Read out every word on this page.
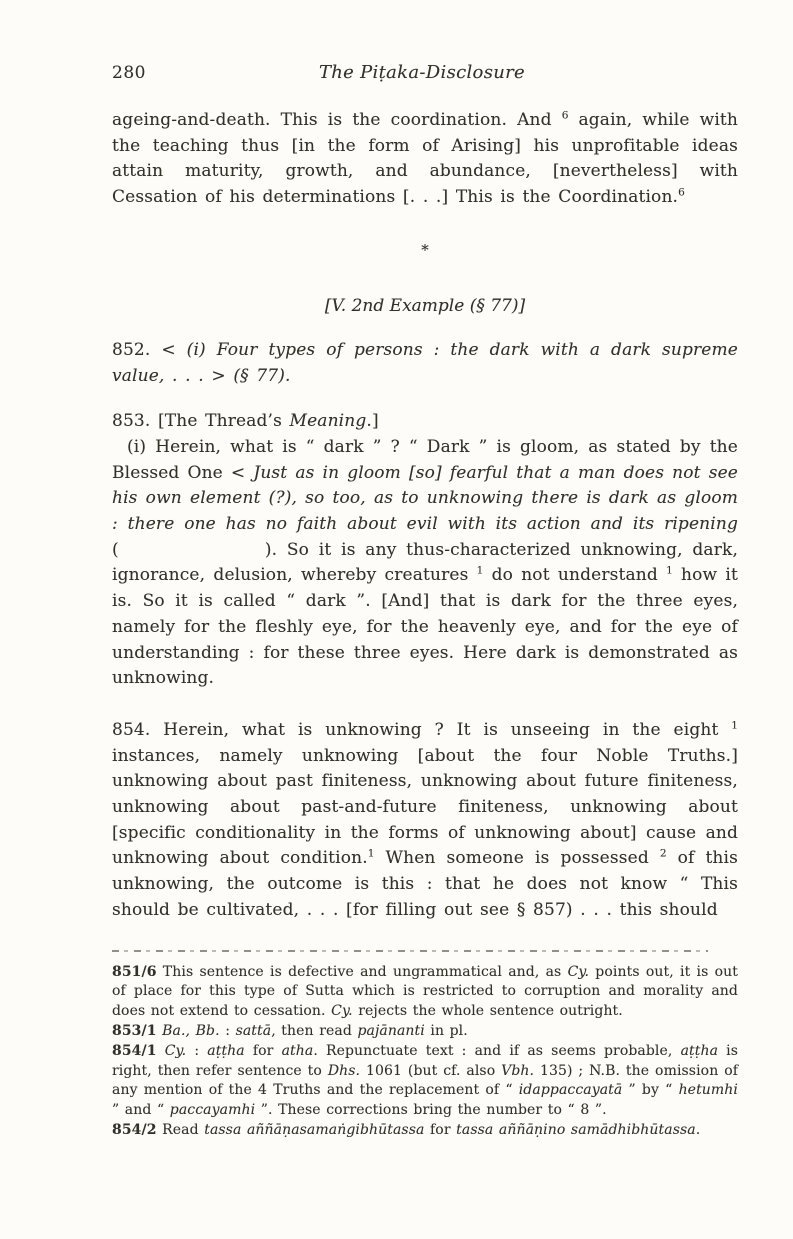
280	The Piṭaka-Disclosure

ageing-and-death. This is the coordination. And $^6$ again, while with the teaching thus [in the form of Arising] his unprofitable ideas attain maturity, growth, and abundance, [nevertheless] with Cessation of his determinations [. . .] This is the Coordination.$^6$

*
[V. 2nd Example (§ 77)]

852. < (i) Four types of persons : the dark with a dark supreme value, . . . > (§ 77).

853. [The Thread’s Meaning.]

(i) Herein, what is “ dark ” ? “ Dark ” is gloom, as stated by the Blessed One < Just as in gloom [so] fearful that a man does not see his own element (?), so too, as to unknowing there is dark as gloom : there one has no faith about evil with its action and its ripening (               ). So it is any thus-characterized unknowing, dark, ignorance, delusion, whereby creatures $^1$ do not understand $^1$ how it is. So it is called “ dark ”. [And] that is dark for the three eyes, namely for the fleshly eye, for the heavenly eye, and for the eye of understanding : for these three eyes. Here dark is demonstrated as unknowing.

854. Herein, what is unknowing ? It is unseeing in the eight $^1$ instances, namely unknowing [about the four Noble Truths.] unknowing about past finiteness, unknowing about future finiteness, unknowing about past-and-future finiteness, unknowing about [specific conditionality in the forms of unknowing about] cause and unknowing about condition.$^1$ When someone is possessed $^2$ of this unknowing, the outcome is this : that he does not know “ This should be cultivated, . . . [for filling out see § 857) . . . this should

851/6 This sentence is defective and ungrammatical and, as Cy. points out, it is out of place for this type of Sutta which is restricted to corruption and morality and does not extend to cessation. Cy. rejects the whole sentence outright.

853/1 Ba., Bb. : sattā, then read pajānanti in pl.

854/1 Cy. : aṭṭha for atha. Repunctuate text : and if as seems probable, aṭṭha is right, then refer sentence to Dhs. 1061 (but cf. also Vbh. 135) ; N.B. the omission of any mention of the 4 Truths and the replacement of “ idappaccayatā ” by “ hetumhi ” and “ paccayamhi ”. These corrections bring the number to “ 8 ”.

854/2 Read tassa aññāṇasamaṅgibhūtassa for tassa aññāṇino samādhibhūtassa.
